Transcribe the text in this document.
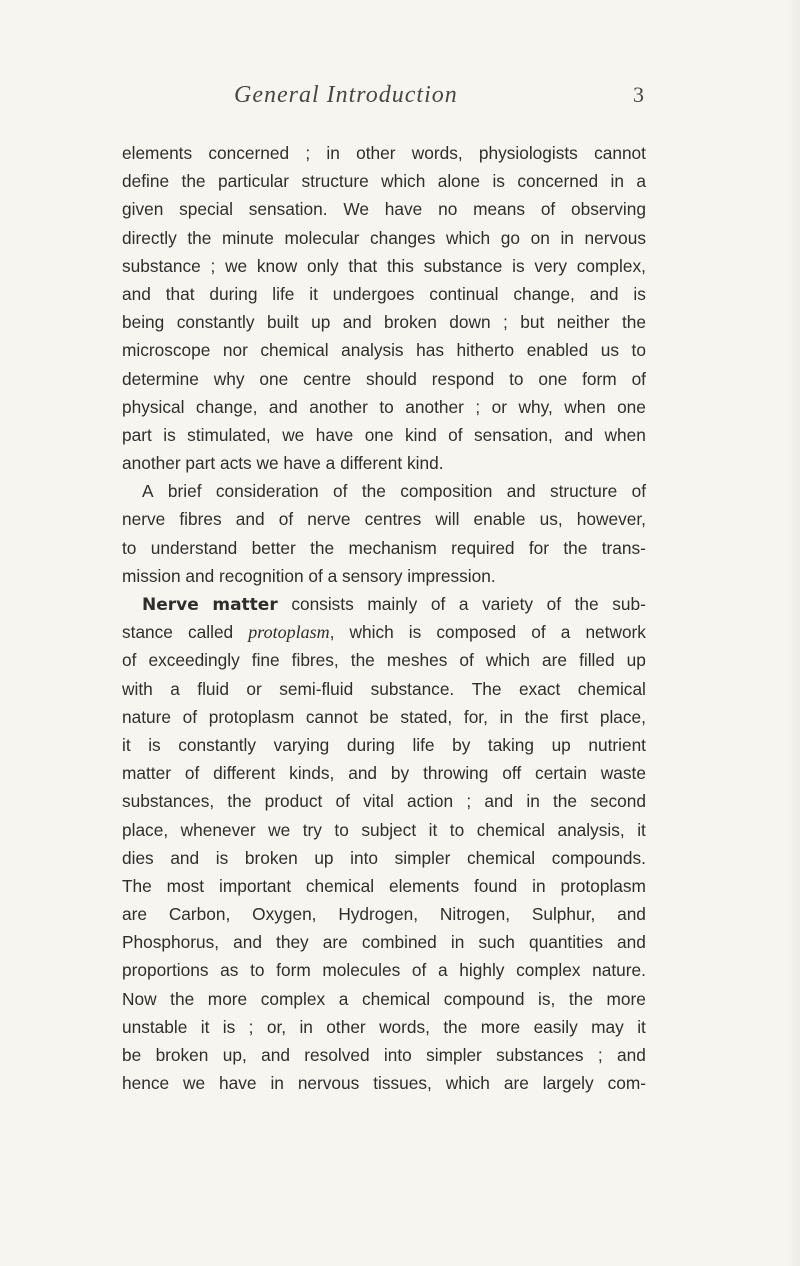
General Introduction	3
elements concerned ; in other words, physiologists cannot
define the particular structure which alone is concerned in a
given special sensation. We have no means of observing
directly the minute molecular changes which go on in nervous
substance ; we know only that this substance is very complex,
and that during life it undergoes continual change, and is
being constantly built up and broken down ; but neither the
microscope nor chemical analysis has hitherto enabled us to
determine why one centre should respond to one form of
physical change, and another to another ; or why, when one
part is stimulated, we have one kind of sensation, and when
another part acts we have a different kind.
A brief consideration of the composition and structure of
nerve fibres and of nerve centres will enable us, however,
to understand better the mechanism required for the trans-
mission and recognition of a sensory impression.
Nerve matter consists mainly of a variety of the sub-
stance called protoplasm, which is composed of a network
of exceedingly fine fibres, the meshes of which are filled up
with a fluid or semi-fluid substance. The exact chemical
nature of protoplasm cannot be stated, for, in the first place,
it is constantly varying during life by taking up nutrient
matter of different kinds, and by throwing off certain waste
substances, the product of vital action ; and in the second
place, whenever we try to subject it to chemical analysis, it
dies and is broken up into simpler chemical compounds.
The most important chemical elements found in protoplasm
are Carbon, Oxygen, Hydrogen, Nitrogen, Sulphur, and
Phosphorus, and they are combined in such quantities and
proportions as to form molecules of a highly complex nature.
Now the more complex a chemical compound is, the more
unstable it is ; or, in other words, the more easily may it
be broken up, and resolved into simpler substances ; and
hence we have in nervous tissues, which are largely com-
